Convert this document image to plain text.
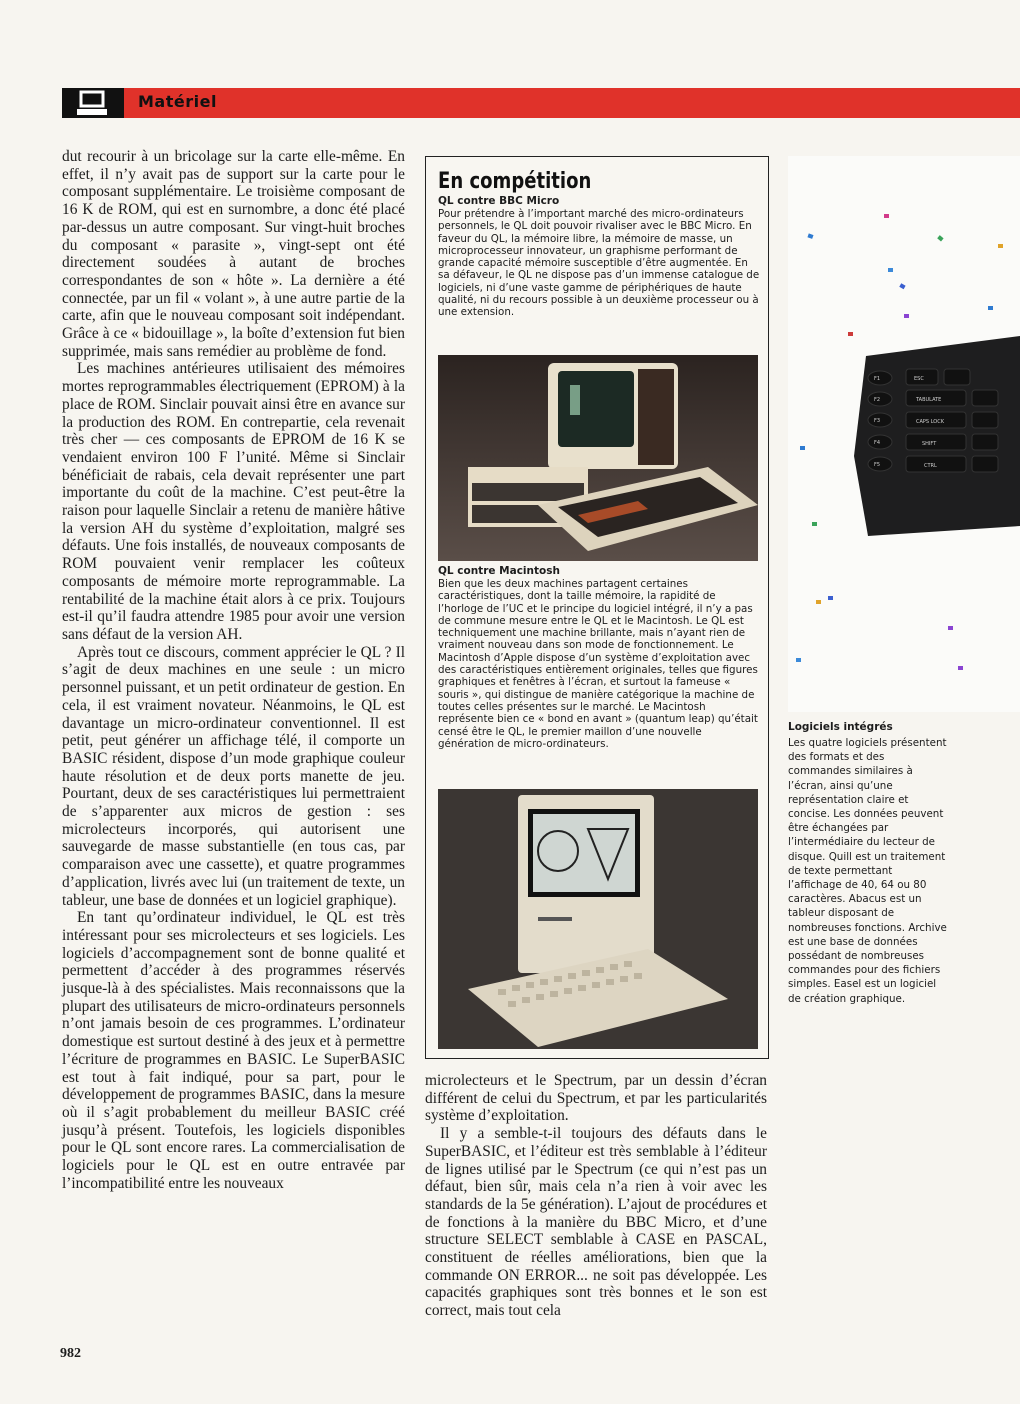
Matériel

dut recourir à un bricolage sur la carte elle-même. En effet, il n’y avait pas de support sur la carte pour le composant supplémentaire. Le troisième composant de 16 K de ROM, qui est en surnombre, a donc été placé par-dessus un autre composant. Sur vingt-huit broches du composant « parasite », vingt-sept ont été directement soudées à autant de broches correspondantes de son « hôte ». La dernière a été connectée, par un fil « volant », à une autre partie de la carte, afin que le nouveau composant soit indépendant. Grâce à ce « bidouillage », la boîte d’extension fut bien supprimée, mais sans remédier au problème de fond.

Les machines antérieures utilisaient des mémoires mortes reprogrammables électriquement (EPROM) à la place de ROM. Sinclair pouvait ainsi être en avance sur la production des ROM. En contrepartie, cela revenait très cher — ces composants de EPROM de 16 K se vendaient environ 100 F l’unité. Même si Sinclair bénéficiait de rabais, cela devait représenter une part importante du coût de la machine. C’est peut-être la raison pour laquelle Sinclair a retenu de manière hâtive la version AH du système d’exploitation, malgré ses défauts. Une fois installés, de nouveaux composants de ROM pouvaient venir remplacer les coûteux composants de mémoire morte reprogrammable. La rentabilité de la machine était alors à ce prix. Toujours est-il qu’il faudra attendre 1985 pour avoir une version sans défaut de la version AH.

Après tout ce discours, comment apprécier le QL ? Il s’agit de deux machines en une seule : un micro personnel puissant, et un petit ordinateur de gestion. En cela, il est vraiment novateur. Néanmoins, le QL est davantage un micro-ordinateur conventionnel. Il est petit, peut générer un affichage télé, il comporte un BASIC résident, dispose d’un mode graphique couleur haute résolution et de deux ports manette de jeu. Pourtant, deux de ses caractéristiques lui permettraient de s’apparenter aux micros de gestion : ses microlecteurs incorporés, qui autorisent une sauvegarde de masse substantielle (en tous cas, par comparaison avec une cassette), et quatre programmes d’application, livrés avec lui (un traitement de texte, un tableur, une base de données et un logiciel graphique).

En tant qu’ordinateur individuel, le QL est très intéressant pour ses microlecteurs et ses logiciels. Les logiciels d’accompagnement sont de bonne qualité et permettent d’accéder à des programmes réservés jusque-là à des spécialistes. Mais reconnaissons que la plupart des utilisateurs de micro-ordinateurs personnels n’ont jamais besoin de ces programmes. L’ordinateur domestique est surtout destiné à des jeux et à permettre l’écriture de programmes en BASIC. Le SuperBASIC est tout à fait indiqué, pour sa part, pour le développement de programmes BASIC, dans la mesure où il s’agit probablement du meilleur BASIC créé jusqu’à présent. Toutefois, les logiciels disponibles pour le QL sont encore rares. La commercialisation de logiciels pour le QL est en outre entravée par l’incompatibilité entre les nouveaux

En compétition
QL contre BBC Micro
Pour prétendre à l’important marché des micro-ordinateurs personnels, le QL doit pouvoir rivaliser avec le BBC Micro. En faveur du QL, la mémoire libre, la mémoire de masse, un microprocesseur innovateur, un graphisme performant de grande capacité mémoire susceptible d’être augmentée. En sa défaveur, le QL ne dispose pas d’un immense catalogue de logiciels, ni d’une vaste gamme de périphériques de haute qualité, ni du recours possible à un deuxième processeur ou à une extension.
QL contre Macintosh
Bien que les deux machines partagent certaines caractéristiques, dont la taille mémoire, la rapidité de l’horloge de l’UC et le principe du logiciel intégré, il n’y a pas de commune mesure entre le QL et le Macintosh. Le QL est techniquement une machine brillante, mais n’ayant rien de vraiment nouveau dans son mode de fonctionnement. Le Macintosh d’Apple dispose d’un système d’exploitation avec des caractéristiques entièrement originales, telles que figures graphiques et fenêtres à l’écran, et surtout la fameuse « souris », qui distingue de manière catégorique la machine de toutes celles présentes sur le marché. Le Macintosh représente bien ce « bond en avant » (quantum leap) qu’était censé être le QL, le premier maillon d’une nouvelle génération de micro-ordinateurs.
F1	ESC
F2	TABULATE
F3	CAPS LOCK
F4	SHIFT
F5	CTRL
Logiciels intégrés
Les quatre logiciels présentent des formats et des commandes similaires à l’écran, ainsi qu’une représentation claire et concise. Les données peuvent être échangées par l’intermédiaire du lecteur de disque. Quill est un traitement de texte permettant l’affichage de 40, 64 ou 80 caractères. Abacus est un tableur disposant de nombreuses fonctions. Archive est une base de données possédant de nombreuses commandes pour des fichiers simples. Easel est un logiciel de création graphique.

microlecteurs et le Spectrum, par un dessin d’écran différent de celui du Spectrum, et par les particularités système d’exploitation.

Il y a semble-t-il toujours des défauts dans le SuperBASIC, et l’éditeur est très semblable à l’éditeur de lignes utilisé par le Spectrum (ce qui n’est pas un défaut, bien sûr, mais cela n’a rien à voir avec les standards de la 5e génération). L’ajout de procédures et de fonctions à la manière du BBC Micro, et d’une structure SELECT semblable à CASE en PASCAL, constituent de réelles améliorations, bien que la commande ON ERROR... ne soit pas développée. Les capacités graphiques sont très bonnes et le son est correct, mais tout cela

982
